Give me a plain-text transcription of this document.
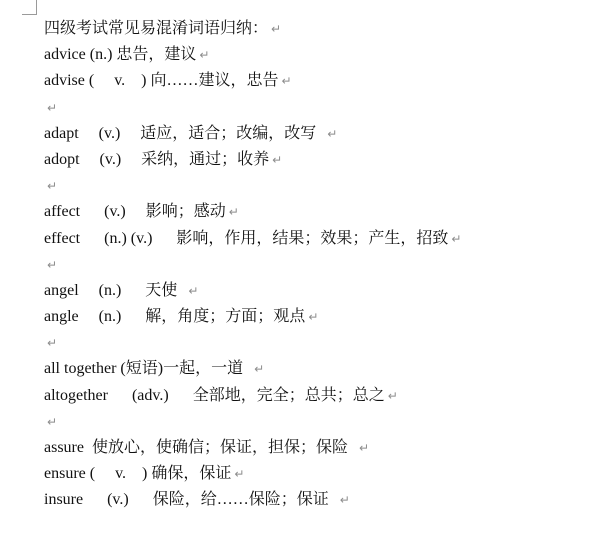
四级考试常见易混淆词语归纳： ↵
advice (n.) 忠告，建议 ↵
advise (     v.    ) 向……建议，忠告 ↵
↵
adapt     (v.)     适应，适合；改编，改写  ↵
adopt     (v.)     采纳，通过；收养 ↵
↵
affect      (v.)     影响；感动 ↵
effect      (n.) (v.)      影响，作用，结果；效果；产生，招致 ↵
↵
angel     (n.)      天使  ↵
angle     (n.)      解，角度；方面；观点 ↵
↵
all together (短语)一起，一道  ↵
altogether      (adv.)      全部地，完全；总共；总之 ↵
↵
assure  使放心，使确信；保证，担保；保险  ↵
ensure (     v.    ) 确保，保证 ↵
insure      (v.)      保险，给……保险；保证  ↵
